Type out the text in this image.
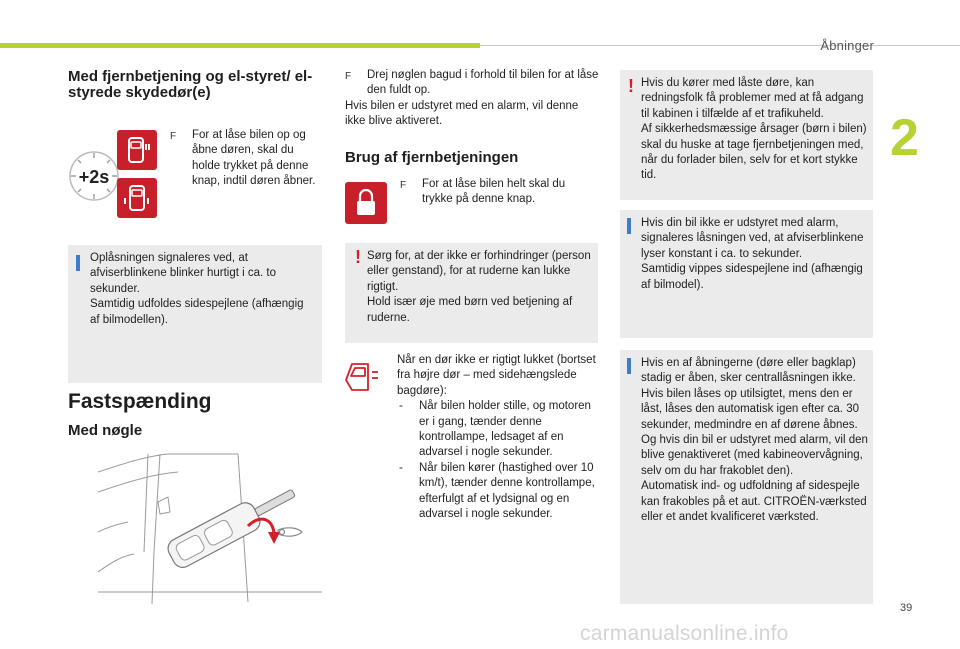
Åbninger
2
Med fjernbetjening og el-styret/ el-styrede skydedør(e)
+2s
F	For at låse bilen op og åbne døren, skal du holde trykket på denne knap, indtil døren åbner.
Oplåsningen signaleres ved, at afviserblinkene blinker hurtigt i ca. to sekunder.
Samtidig udfoldes sidespejlene (afhængig af bilmodellen).
Fastspænding
Med nøgle
F	Drej nøglen bagud i forhold til bilen for at låse den fuldt op.
Hvis bilen er udstyret med en alarm, vil denne ikke blive aktiveret.
Brug af fjernbetjeningen
F	For at låse bilen helt skal du trykke på denne knap.
! Sørg for, at der ikke er forhindringer (person eller genstand), for at ruderne kan lukke rigtigt.
Hold især øje med børn ved betjening af ruderne.
Når en dør ikke er rigtigt lukket (bortset fra højre dør – med sidehængslede bagdøre):
-	Når bilen holder stille, og motoren er i gang, tænder denne kontrollampe, ledsaget af en advarsel i nogle sekunder.
-	Når bilen kører (hastighed over 10 km/t), tænder denne kontrollampe, efterfulgt af et lydsignal og en advarsel i nogle sekunder.
! Hvis du kører med låste døre, kan redningsfolk få problemer med at få adgang til kabinen i tilfælde af et trafikuheld.
Af sikkerhedsmæssige årsager (børn i bilen) skal du huske at tage fjernbetjeningen med, når du forlader bilen, selv for et kort stykke tid.
Hvis din bil ikke er udstyret med alarm, signaleres låsningen ved, at afviserblinkene lyser konstant i ca. to sekunder.
Samtidig vippes sidespejlene ind (afhængig af bilmodel).
Hvis en af åbningerne (døre eller bagklap) stadig er åben, sker centrallåsningen ikke. Hvis bilen låses op utilsigtet, mens den er låst, låses den automatisk igen efter ca. 30 sekunder, medmindre en af dørene åbnes.
Og hvis din bil er udstyret med alarm, vil den blive genaktiveret (med kabineovervågning, selv om du har frakoblet den).
Automatisk ind- og udfoldning af sidespejle kan frakobles på et aut. CITROËN-værksted eller et andet kvalificeret værksted.
39
carmanualsonline.info
